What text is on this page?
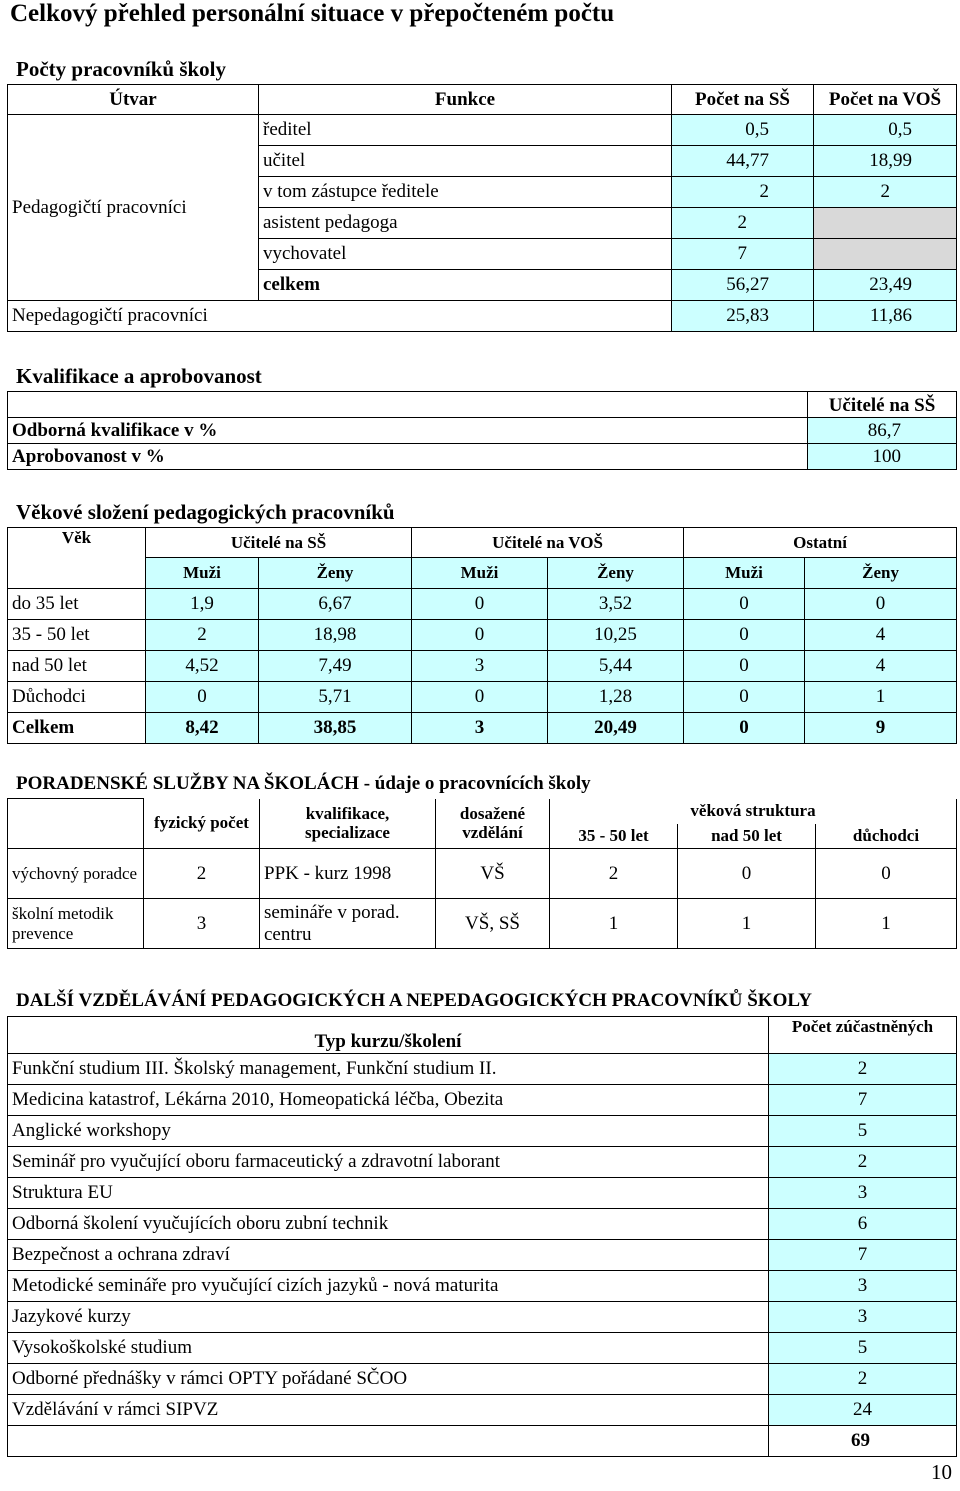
Celkový přehled personální situace v přepočteném počtu
Počty pracovníků školy
Útvar	Funkce	Počet na SŠ	Počet na VOŠ
Pedagogičtí pracovníci	ředitel	0,5	0,5
	učitel	44,77	18,99
	v tom zástupce ředitele	2	2
	asistent pedagoga	2	
	vychovatel	7	
	celkem	56,27	23,49
Nepedagogičtí pracovníci		25,83	11,86
Kvalifikace a aprobovanost
	Učitelé na SŠ
Odborná kvalifikace v %	86,7
Aprobovanost v %	100
Věkové složení pedagogických pracovníků
Věk	Učitelé na SŠ		Učitelé na VOŠ		Ostatní	
	Muži	Ženy	Muži	Ženy	Muži	Ženy
do 35 let	1,9	6,67	0	3,52	0	0
35 - 50 let	2	18,98	0	10,25	0	4
nad 50 let	4,52	7,49	3	5,44	0	4
Důchodci	0	5,71	0	1,28	0	1
Celkem	8,42	38,85	3	20,49	0	9
PORADENSKÉ SLUŽBY NA ŠKOLÁCH - údaje o pracovnících školy
	fyzický počet	kvalifikace, specializace	dosažené vzdělání	věková struktura		
				35 - 50 let	nad 50 let	důchodci
výchovný poradce	2	PPK - kurz 1998	VŠ	2	0	0
školní metodik prevence	3	semináře v porad. centru	VŠ, SŠ	1	1	1
DALŠÍ VZDĚLÁVÁNÍ PEDAGOGICKÝCH A NEPEDAGOGICKÝCH PRACOVNÍKŮ ŠKOLY
Typ kurzu/školení	Počet zúčastněných
Funkční studium III. Školský management, Funkční studium II.	2
Medicina katastrof, Lékárna 2010, Homeopatická léčba, Obezita	7
Anglické workshopy	5
Seminář pro vyučující oboru farmaceutický a zdravotní laborant	2
Struktura EU	3
Odborná školení vyučujících oboru zubní technik	6
Bezpečnost a ochrana zdraví	7
Metodické semináře pro vyučující cizích jazyků - nová maturita	3
Jazykové kurzy	3
Vysokoškolské studium	5
Odborné přednášky v rámci OPTY pořádané SČOO	2
Vzdělávání v rámci SIPVZ	24
	69
10
